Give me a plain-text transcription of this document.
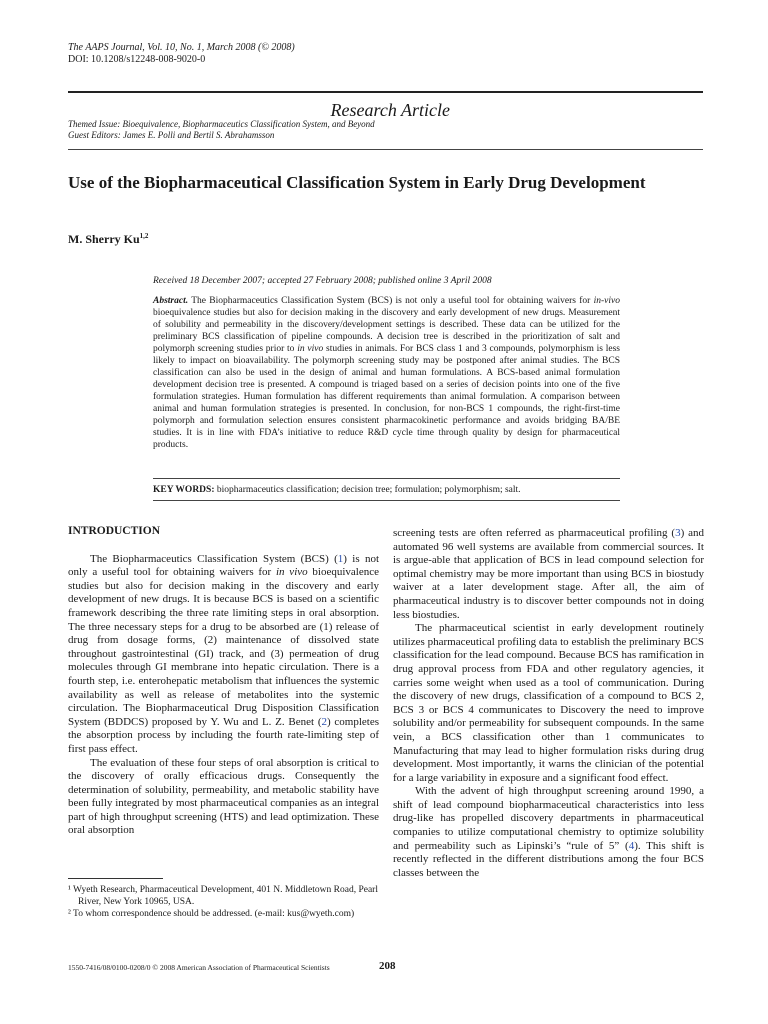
The AAPS Journal, Vol. 10, No. 1, March 2008 (© 2008)
DOI: 10.1208/s12248-008-9020-0
Research Article
Themed Issue: Bioequivalence, Biopharmaceutics Classification System, and Beyond
Guest Editors: James E. Polli and Bertil S. Abrahamsson
Use of the Biopharmaceutical Classification System in Early Drug Development
M. Sherry Ku$^{1,2}$
Received 18 December 2007; accepted 27 February 2008; published online 3 April 2008
Abstract. The Biopharmaceutics Classification System (BCS) is not only a useful tool for obtaining waivers for in-vivo bioequivalence studies but also for decision making in the discovery and early development of new drugs. Measurement of solubility and permeability in the discovery/development settings is described. These data can be utilized for the preliminary BCS classification of pipeline compounds. A decision tree is described in the prioritization of salt and polymorph screening studies prior to in vivo studies in animals. For BCS class 1 and 3 compounds, polymorphism is less likely to impact on bioavailability. The polymorph screening study may be postponed after animal studies. The BCS classification can also be used in the design of animal and human formulations. A BCS-based animal formulation development decision tree is presented. A compound is triaged based on a series of decision points into one of the five formulation strategies. Human formulation has different requirements than animal formulation. A comparison between animal and human formulation strategies is presented. In conclusion, for non-BCS 1 compounds, the right-first-time polymorph and formulation selection ensures consistent pharmacokinetic performance and avoids bridging BA/BE studies. It is in line with FDA’s initiative to reduce R&D cycle time through quality by design for pharmaceutical products.
KEY WORDS: biopharmaceutics classification; decision tree; formulation; polymorphism; salt.
INTRODUCTION

The Biopharmaceutics Classification System (BCS) (1) is not only a useful tool for obtaining waivers for in vivo bioequivalence studies but also for decision making in the discovery and early development of new drugs. It is because BCS is based on a scientific framework describing the three rate limiting steps in oral absorption. The three necessary steps for a drug to be absorbed are (1) release of drug from dosage forms, (2) maintenance of dissolved state throughout gastrointestinal (GI) track, and (3) permeation of drug molecules through GI membrane into hepatic circulation. There is a fourth step, i.e. enterohepatic metabolism that influences the systemic availability as well as release of metabolites into the systemic circulation. The Biopharmaceutical Drug Disposition Classification System (BDDCS) proposed by Y. Wu and L. Z. Benet (2) completes the absorption process by including the fourth rate-limiting step of first pass effect.

The evaluation of these four steps of oral absorption is critical to the discovery of orally efficacious drugs. Consequently the determination of solubility, permeability, and metabolic stability have been fully integrated by most pharmaceutical companies as an integral part of high throughput screening (HTS) and lead optimization. These oral absorption

screening tests are often referred as pharmaceutical profiling (3) and automated 96 well systems are available from commercial sources. It is argue-able that application of BCS in lead compound selection for optimal chemistry may be more important than using BCS in biostudy waiver at a later development stage. After all, the aim of pharmaceutical industry is to discover better compounds not in doing less biostudies.

The pharmaceutical scientist in early development routinely utilizes pharmaceutical profiling data to establish the preliminary BCS classification for the lead compound. Because BCS has ramification in drug approval process from FDA and other regulatory agencies, it carries some weight when used as a tool of communication. During the discovery of new drugs, classification of a compound to BCS 2, BCS 3 or BCS 4 communicates to Discovery the need to improve solubility and/or permeability for subsequent compounds. In the same vein, a BCS classification other than 1 communicates to Manufacturing that may lead to higher formulation risks during drug development. Most importantly, it warns the clinician of the potential for a large variability in exposure and a significant food effect.

With the advent of high throughput screening around 1990, a shift of lead compound biopharmaceutical characteristics into less drug-like has propelled discovery departments in pharmaceutical companies to utilize computational chemistry to optimize solubility and permeability such as Lipinski’s “rule of 5” (4). This shift is recently reflected in the different distributions among the four BCS classes between the

¹ Wyeth Research, Pharmaceutical Development, 401 N. Middletown Road, Pearl River, New York 10965, USA.

² To whom correspondence should be addressed. (e-mail: kus@wyeth.com)

1550-7416/08/0100-0208/0 © 2008 American Association of Pharmaceutical Scientists	208
